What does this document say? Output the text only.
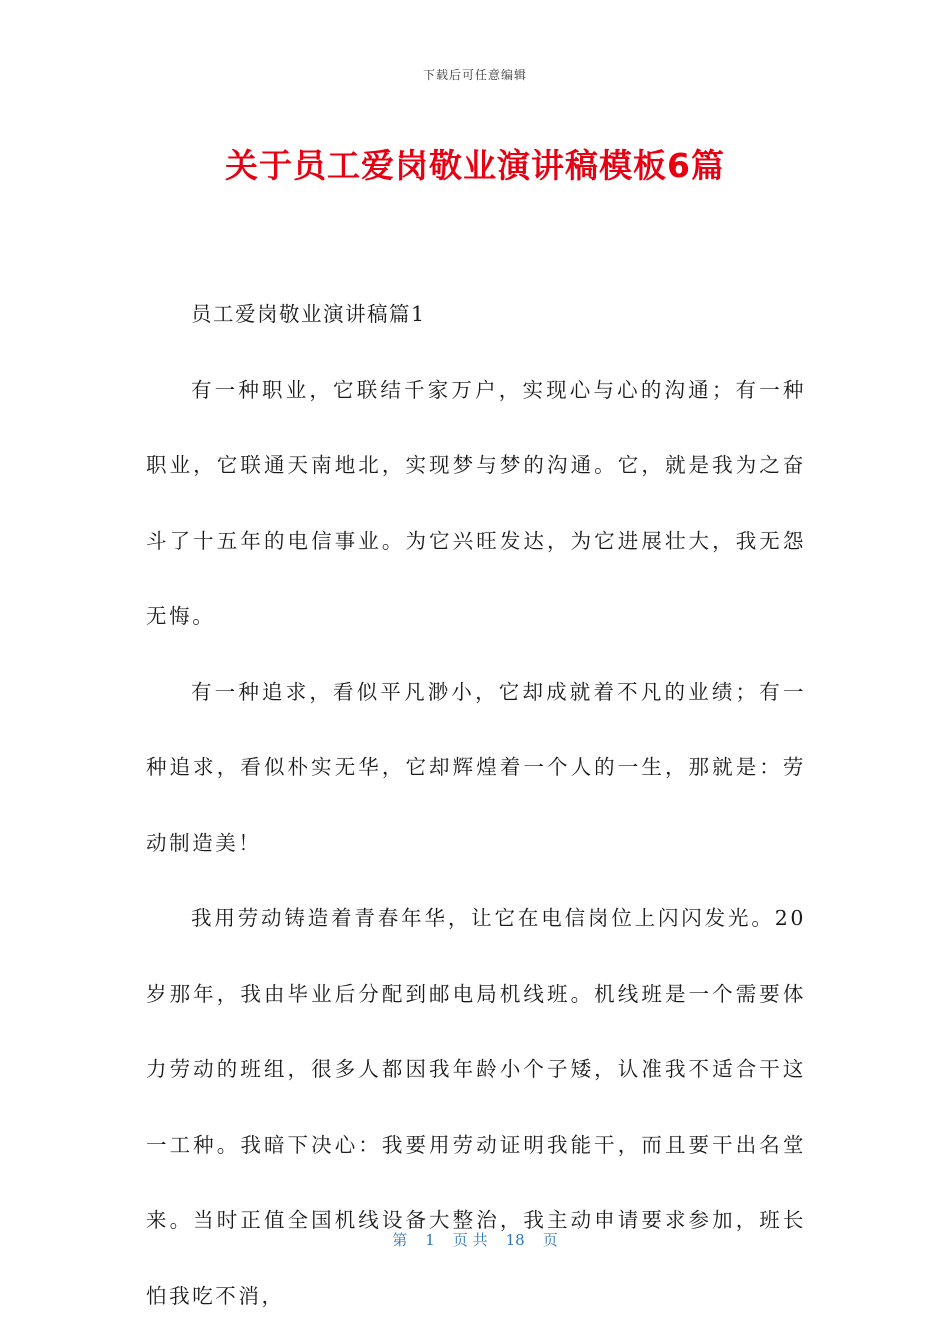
下载后可任意编辑
关于员工爱岗敬业演讲稿模板6篇

员工爱岗敬业演讲稿篇1

有一种职业，它联结千家万户，实现心与心的沟通；有一种职业，它联通天南地北，实现梦与梦的沟通。它，就是我为之奋斗了十五年的电信事业。为它兴旺发达，为它进展壮大，我无怨无悔。

有一种追求，看似平凡渺小，它却成就着不凡的业绩；有一种追求，看似朴实无华，它却辉煌着一个人的一生，那就是：劳动制造美！

我用劳动铸造着青春年华，让它在电信岗位上闪闪发光。20岁那年，我由毕业后分配到邮电局机线班。机线班是一个需要体力劳动的班组，很多人都因我年龄小个子矮，认准我不适合干这一工种。我暗下决心：我要用劳动证明我能干，而且要干出名堂来。当时正值全国机线设备大整治，我主动申请要求参加，班长怕我吃不消，

第 1 页 共 18 页
